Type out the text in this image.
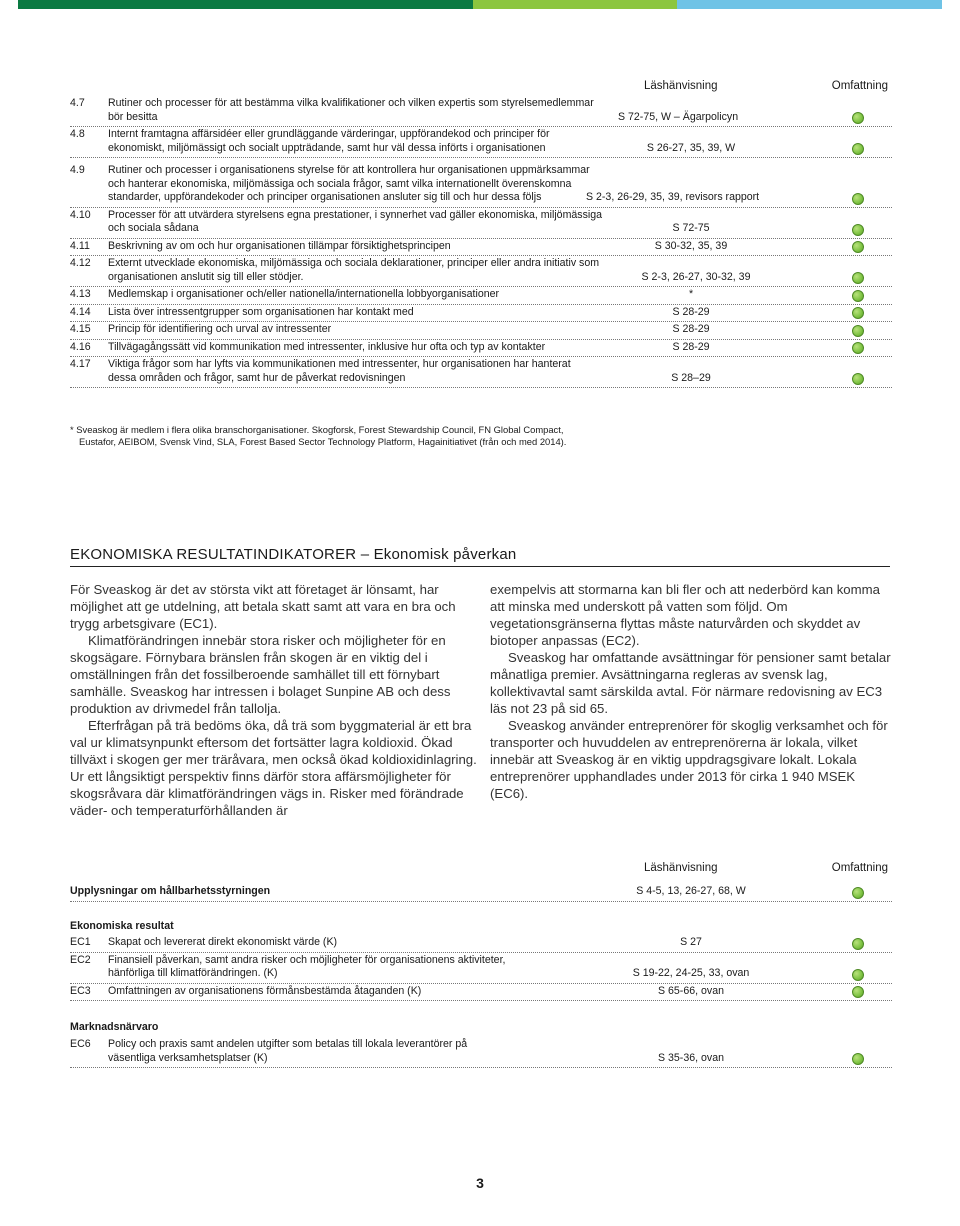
Läshänvisning	Omfattning
4.7 Rutiner och processer för att bestämma vilka kvalifikationer och vilken expertis som styrelsemedlemmar bör besitta	S 72-75, W – Ägarpolicyn
4.8 Internt framtagna affärsidéer eller grundläggande värderingar, uppförandekod och principer för ekonomiskt, miljömässigt och socialt uppträdande, samt hur väl dessa införts i organisationen	S 26-27, 35, 39, W
4.9 Rutiner och processer i organisationens styrelse för att kontrollera hur organisationen uppmärksammar och hanterar ekonomiska, miljömässiga och sociala frågor, samt vilka internationellt överenskomna standarder, uppförandekoder och principer organisationen ansluter sig till och hur dessa följs	S 2-3, 26-29, 35, 39, revisors rapport
4.10 Processer för att utvärdera styrelsens egna prestationer, i synnerhet vad gäller ekonomiska, miljömässiga och sociala sådana	S 72-75
4.11 Beskrivning av om och hur organisationen tillämpar försiktighetsprincipen	S 30-32, 35, 39
4.12 Externt utvecklade ekonomiska, miljömässiga och sociala deklarationer, principer eller andra initiativ som organisationen anslutit sig till eller stödjer.	S 2-3, 26-27, 30-32, 39
4.13 Medlemskap i organisationer och/eller nationella/internationella lobbyorganisationer	*
4.14 Lista över intressentgrupper som organisationen har kontakt med	S 28-29
4.15 Princip för identifiering och urval av intressenter	S 28-29
4.16 Tillvägagångssätt vid kommunikation med intressenter, inklusive hur ofta och typ av kontakter	S 28-29
4.17 Viktiga frågor som har lyfts via kommunikationen med intressenter, hur organisationen har hanterat dessa områden och frågor, samt hur de påverkat redovisningen	S 28–29
* Sveaskog är medlem i flera olika branschorganisationer. Skogforsk, Forest Stewardship Council, FN Global Compact,
Eustafor, AEIBOM, Svensk Vind, SLA, Forest Based Sector Technology Platform, Hagainitiativet (från och med 2014).
EKONOMISKA RESULTATINDIKATORER – Ekonomisk påverkan

För Sveaskog är det av största vikt att företaget är lönsamt, har möjlighet att ge utdelning, att betala skatt samt att vara en bra och trygg arbetsgivare (EC1).

Klimatförändringen innebär stora risker och möjligheter för en skogsägare. Förnybara bränslen från skogen är en viktig del i omställningen från det fossilberoende samhället till ett förnybart samhälle. Sveaskog har intressen i bolaget Sunpine AB och dess produktion av drivmedel från tallolja.

Efterfrågan på trä bedöms öka, då trä som byggmaterial är ett bra val ur klimatsynpunkt eftersom det fortsätter lagra koldioxid. Ökad tillväxt i skogen ger mer träråvara, men också ökad koldioxidinlagring. Ur ett långsiktigt perspektiv finns därför stora affärsmöjligheter för skogsråvara där klimatförändringen vägs in. Risker med förändrade väder- och temperaturförhållanden är

exempelvis att stormarna kan bli fler och att nederbörd kan komma att minska med underskott på vatten som följd. Om vegetationsgränserna flyttas måste naturvården och skyddet av biotoper anpassas (EC2).

Sveaskog har omfattande avsättningar för pensioner samt betalar månatliga premier. Avsättningarna regleras av svensk lag, kollektivavtal samt särskilda avtal. För närmare redovisning av EC3 läs not 23 på sid 65.

Sveaskog använder entreprenörer för skoglig verksamhet och för transporter och huvuddelen av entreprenörerna är lokala, vilket innebär att Sveaskog är en viktig uppdragsgivare lokalt. Lokala entreprenörer upphandlades under 2013 för cirka 1 940 MSEK (EC6).

Läshänvisning	Omfattning
Upplysningar om hållbarhetsstyrningen	S 4-5, 13, 26-27, 68, W
Ekonomiska resultat
EC1 Skapat och levererat direkt ekonomiskt värde (K)	S 27
EC2 Finansiell påverkan, samt andra risker och möjligheter för organisationens aktiviteter, hänförliga till klimatförändringen. (K)	S 19-22, 24-25, 33, ovan
EC3 Omfattningen av organisationens förmånsbestämda åtaganden (K)	S 65-66, ovan
Marknadsnärvaro
EC6 Policy och praxis samt andelen utgifter som betalas till lokala leverantörer på väsentliga verksamhetsplatser (K)	S 35-36, ovan
3
